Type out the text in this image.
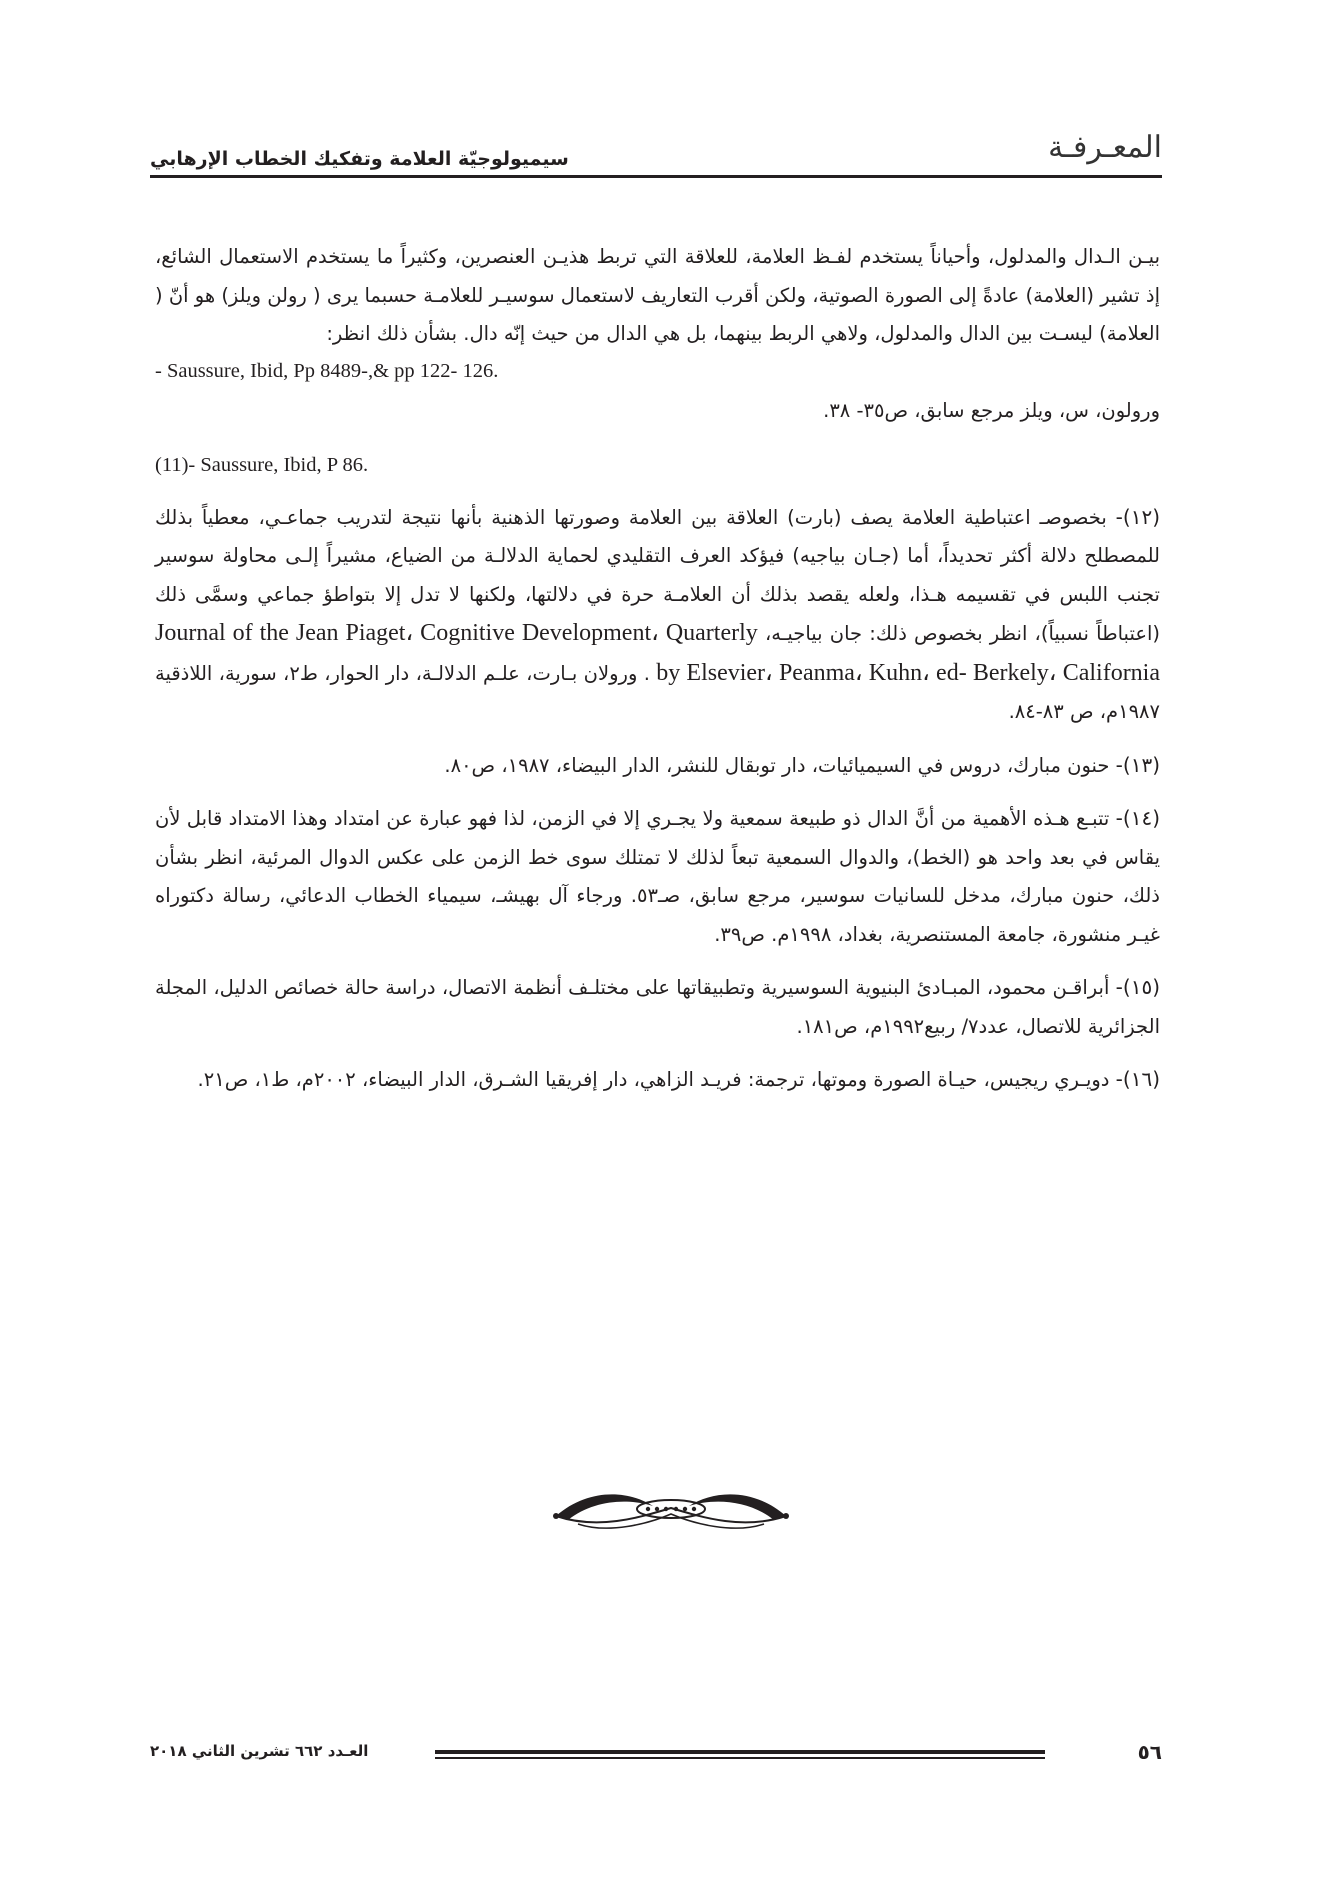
المعـرفـة
سيميولوجيّة العلامة وتفكيك الخطاب الإرهابي

بيـن الـدال والمدلول، وأحياناً يستخدم لفـظ العلامة، للعلاقة التي تربط هذيـن العنصرين، وكثيراً ما يستخدم الاستعمال الشائع، إذ تشير (العلامة) عادةً إلى الصورة الصوتية، ولكن أقرب التعاريف لاستعمال سوسيـر للعلامـة حسبما يرى ( رولن ويلز) هو أنّ ( العلامة) ليسـت بين الدال والمدلول، ولاهي الربط بينهما، بل هي الدال من حيث إنّه دال. بشأن ذلك انظر:

- Saussure, Ibid, Pp 8489-,& pp 122- 126.

ورولون، س، ويلز مرجع سابق، ص٣٥- ٣٨.

(11)- Saussure, Ibid, P 86.

(١٢)- بخصوصـ اعتباطية العلامة يصف (بارت) العلاقة بين العلامة وصورتها الذهنية بأنها نتيجة لتدريب جماعـي، معطياً بذلك للمصطلح دلالة أكثر تحديداً، أما (جـان بياجيه) فيؤكد العرف التقليدي لحماية الدلالـة من الضياع، مشيراً إلـى محاولة سوسير تجنب اللبس في تقسيمه هـذا، ولعله يقصد بذلك أن العلامـة حرة في دلالتها، ولكنها لا تدل إلا بتواطؤ جماعي وسمَّى ذلك (اعتباطاً نسبياً)، انظر بخصوص ذلك: جان بياجيـه، Journal of the Jean Piaget، Cognitive Development، Quarterly by Elsevier، Peanma، Kuhn، ed- Berkely، California . ورولان بـارت، علـم الدلالـة، دار الحوار، ط٢، سورية، اللاذقية ١٩٨٧م، ص ٨٣-٨٤.

(١٣)- حنون مبارك، دروس في السيميائيات، دار توبقال للنشر، الدار البيضاء، ١٩٨٧، ص٨٠.

(١٤)- تتبـع هـذه الأهمية من أنَّ الدال ذو طبيعة سمعية ولا يجـري إلا في الزمن، لذا فهو عبارة عن امتداد وهذا الامتداد قابل لأن يقاس في بعد واحد هو (الخط)، والدوال السمعية تبعاً لذلك لا تمتلك سوى خط الزمن على عكس الدوال المرئية، انظر بشأن ذلك، حنون مبارك، مدخل للسانيات سوسير، مرجع سابق، صـ٥٣. ورجاء آل بهيشـ، سيمياء الخطاب الدعائي، رسالة دكتوراه غيـر منشورة، جامعة المستنصرية، بغداد، ١٩٩٨م. ص٣٩.

(١٥)- أبراقـن محمود، المبـادئ البنيوية السوسيرية وتطبيقاتها على مختلـف أنظمة الاتصال، دراسة حالة خصائص الدليل، المجلة الجزائرية للاتصال، عدد٧/ ربيع١٩٩٢م، ص١٨١.

(١٦)- دويـري ريجيس، حيـاة الصورة وموتها، ترجمة: فريـد الزاهي، دار إفريقيا الشـرق، الدار البيضاء، ٢٠٠٢م، ط١، ص٢١.

٥٦
العـدد ٦٦٢ تشرين الثاني ٢٠١٨
